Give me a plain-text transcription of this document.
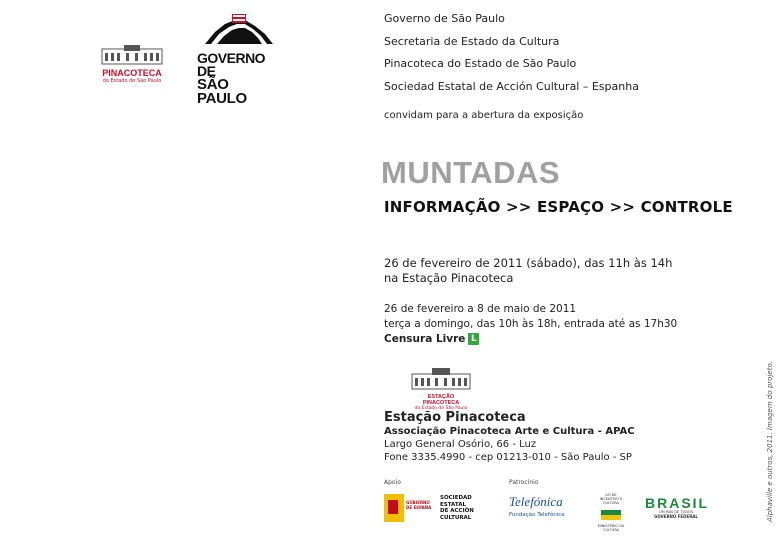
PINACOTECA
do Estado de São Paulo
GOVERNO DE
SÃO PAULO
Governo de São Paulo
Secretaria de Estado da Cultura
Pinacoteca do Estado de São Paulo
Sociedad Estatal de Acción Cultural – Espanha
convidam para a abertura da exposição
MUNTADAS
INFORMAÇÃO >> ESPAÇO >> CONTROLE
26 de fevereiro de 2011 (sábado), das 11h às 14h
na Estação Pinacoteca
26 de fevereiro a 8 de maio de 2011
terça a domingo, das 10h às 18h, entrada até as 17h30
Censura Livre L
ESTAÇÃO PINACOTECA
do Estado de São Paulo
Estação Pinacoteca
Associação Pinacoteca Arte e Cultura - APAC
Largo General Osório, 66 - Luz
Fone 3335.4990 - cep 01213-010 - São Paulo - SP
Apoio	Patrocínio
GOBIERNO DE ESPAÑA
SOCIEDAD
ESTATAL
DE ACCIÓN
CULTURAL
Telefónica
Fundação Telefônica
LEI DE INCENTIVO À CULTURA
MINISTÉRIO DA CULTURA
BRASIL
UM PAÍS DE TODOS
GOVERNO FEDERAL	Alphaville e outros, 2011. Imagem do projeto.
